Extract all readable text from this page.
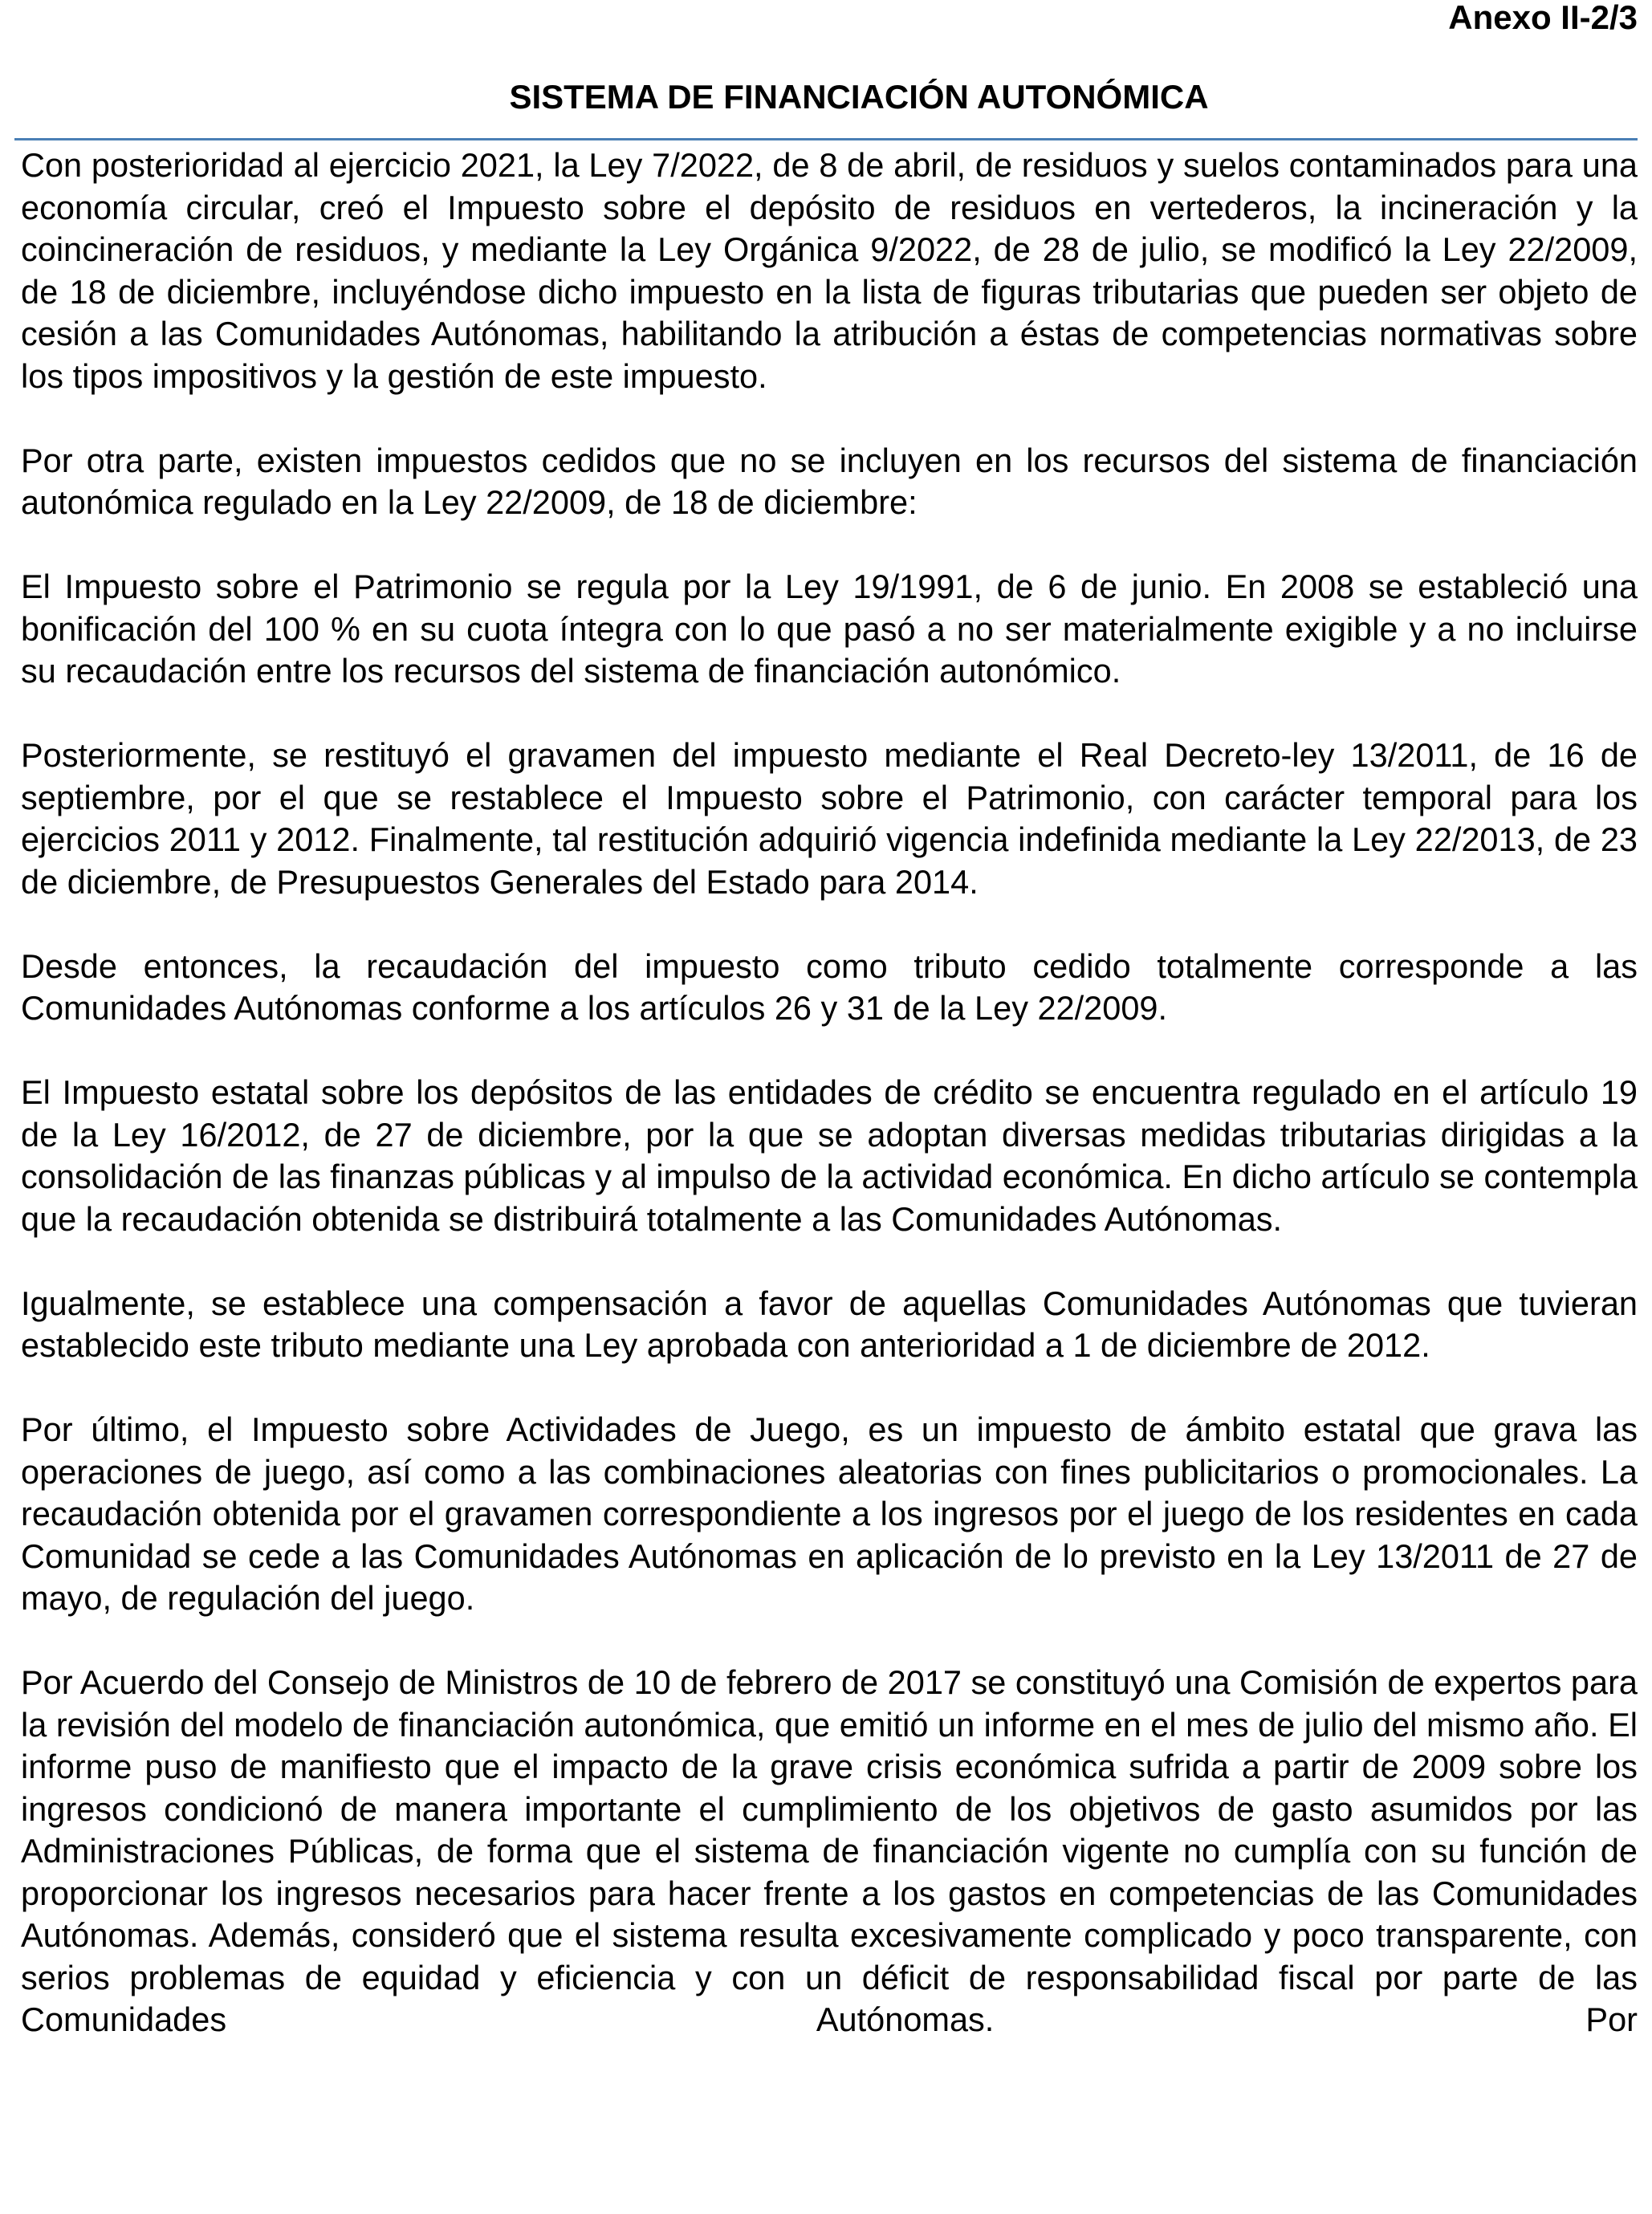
Anexo II-2/3
SISTEMA DE FINANCIACIÓN AUTONÓMICA

Con posterioridad al ejercicio 2021, la Ley 7/2022, de 8 de abril, de residuos y suelos contaminados para una economía circular, creó el Impuesto sobre el depósito de residuos en vertederos, la incineración y la coincineración de residuos, y mediante la Ley Orgánica 9/2022, de 28 de julio, se modificó la Ley 22/2009, de 18 de diciembre, incluyéndose dicho impuesto en la lista de figuras tributarias que pueden ser objeto de cesión a las Comunidades Autónomas, habilitando la atribución a éstas de competencias normativas sobre los tipos impositivos y la gestión de este impuesto.

Por otra parte, existen impuestos cedidos que no se incluyen en los recursos del sistema de financiación autonómica regulado en la Ley 22/2009, de 18 de diciembre:

El Impuesto sobre el Patrimonio se regula por la Ley 19/1991, de 6 de junio. En 2008 se estableció una bonificación del 100 % en su cuota íntegra con lo que pasó a no ser materialmente exigible y a no incluirse su recaudación entre los recursos del sistema de financiación autonómico.

Posteriormente, se restituyó el gravamen del impuesto mediante el Real Decreto-ley 13/2011, de 16 de septiembre, por el que se restablece el Impuesto sobre el Patrimonio, con carácter temporal para los ejercicios 2011 y 2012. Finalmente, tal restitución adquirió vigencia indefinida mediante la Ley 22/2013, de 23 de diciembre, de Presupuestos Generales del Estado para 2014.

Desde entonces, la recaudación del impuesto como tributo cedido totalmente corresponde a las Comunidades Autónomas conforme a los artículos 26 y 31 de la Ley 22/2009.

El Impuesto estatal sobre los depósitos de las entidades de crédito se encuentra regulado en el artículo 19 de la Ley 16/2012, de 27 de diciembre, por la que se adoptan diversas medidas tributarias dirigidas a la consolidación de las finanzas públicas y al impulso de la actividad económica. En dicho artículo se contempla que la recaudación obtenida se distribuirá totalmente a las Comunidades Autónomas.

Igualmente, se establece una compensación a favor de aquellas Comunidades Autónomas que tuvieran establecido este tributo mediante una Ley aprobada con anterioridad a 1 de diciembre de 2012.

Por último, el Impuesto sobre Actividades de Juego, es un impuesto de ámbito estatal que grava las operaciones de juego, así como a las combinaciones aleatorias con fines publicitarios o promocionales. La recaudación obtenida por el gravamen correspondiente a los ingresos por el juego de los residentes en cada Comunidad se cede a las Comunidades Autónomas en aplicación de lo previsto en la Ley 13/2011 de 27 de mayo, de regulación del juego.

Por Acuerdo del Consejo de Ministros de 10 de febrero de 2017 se constituyó una Comisión de expertos para la revisión del modelo de financiación autonómica, que emitió un informe en el mes de julio del mismo año. El informe puso de manifiesto que el impacto de la grave crisis económica sufrida a partir de 2009 sobre los ingresos condicionó de manera importante el cumplimiento de los objetivos de gasto asumidos por las Administraciones Públicas, de forma que el sistema de financiación vigente no cumplía con su función de proporcionar los ingresos necesarios para hacer frente a los gastos en competencias de las Comunidades Autónomas. Además, consideró que el sistema resulta excesivamente complicado y poco transparente, con serios problemas de equidad y eficiencia y con un déficit de responsabilidad fiscal por parte de las Comunidades Autónomas. Por
